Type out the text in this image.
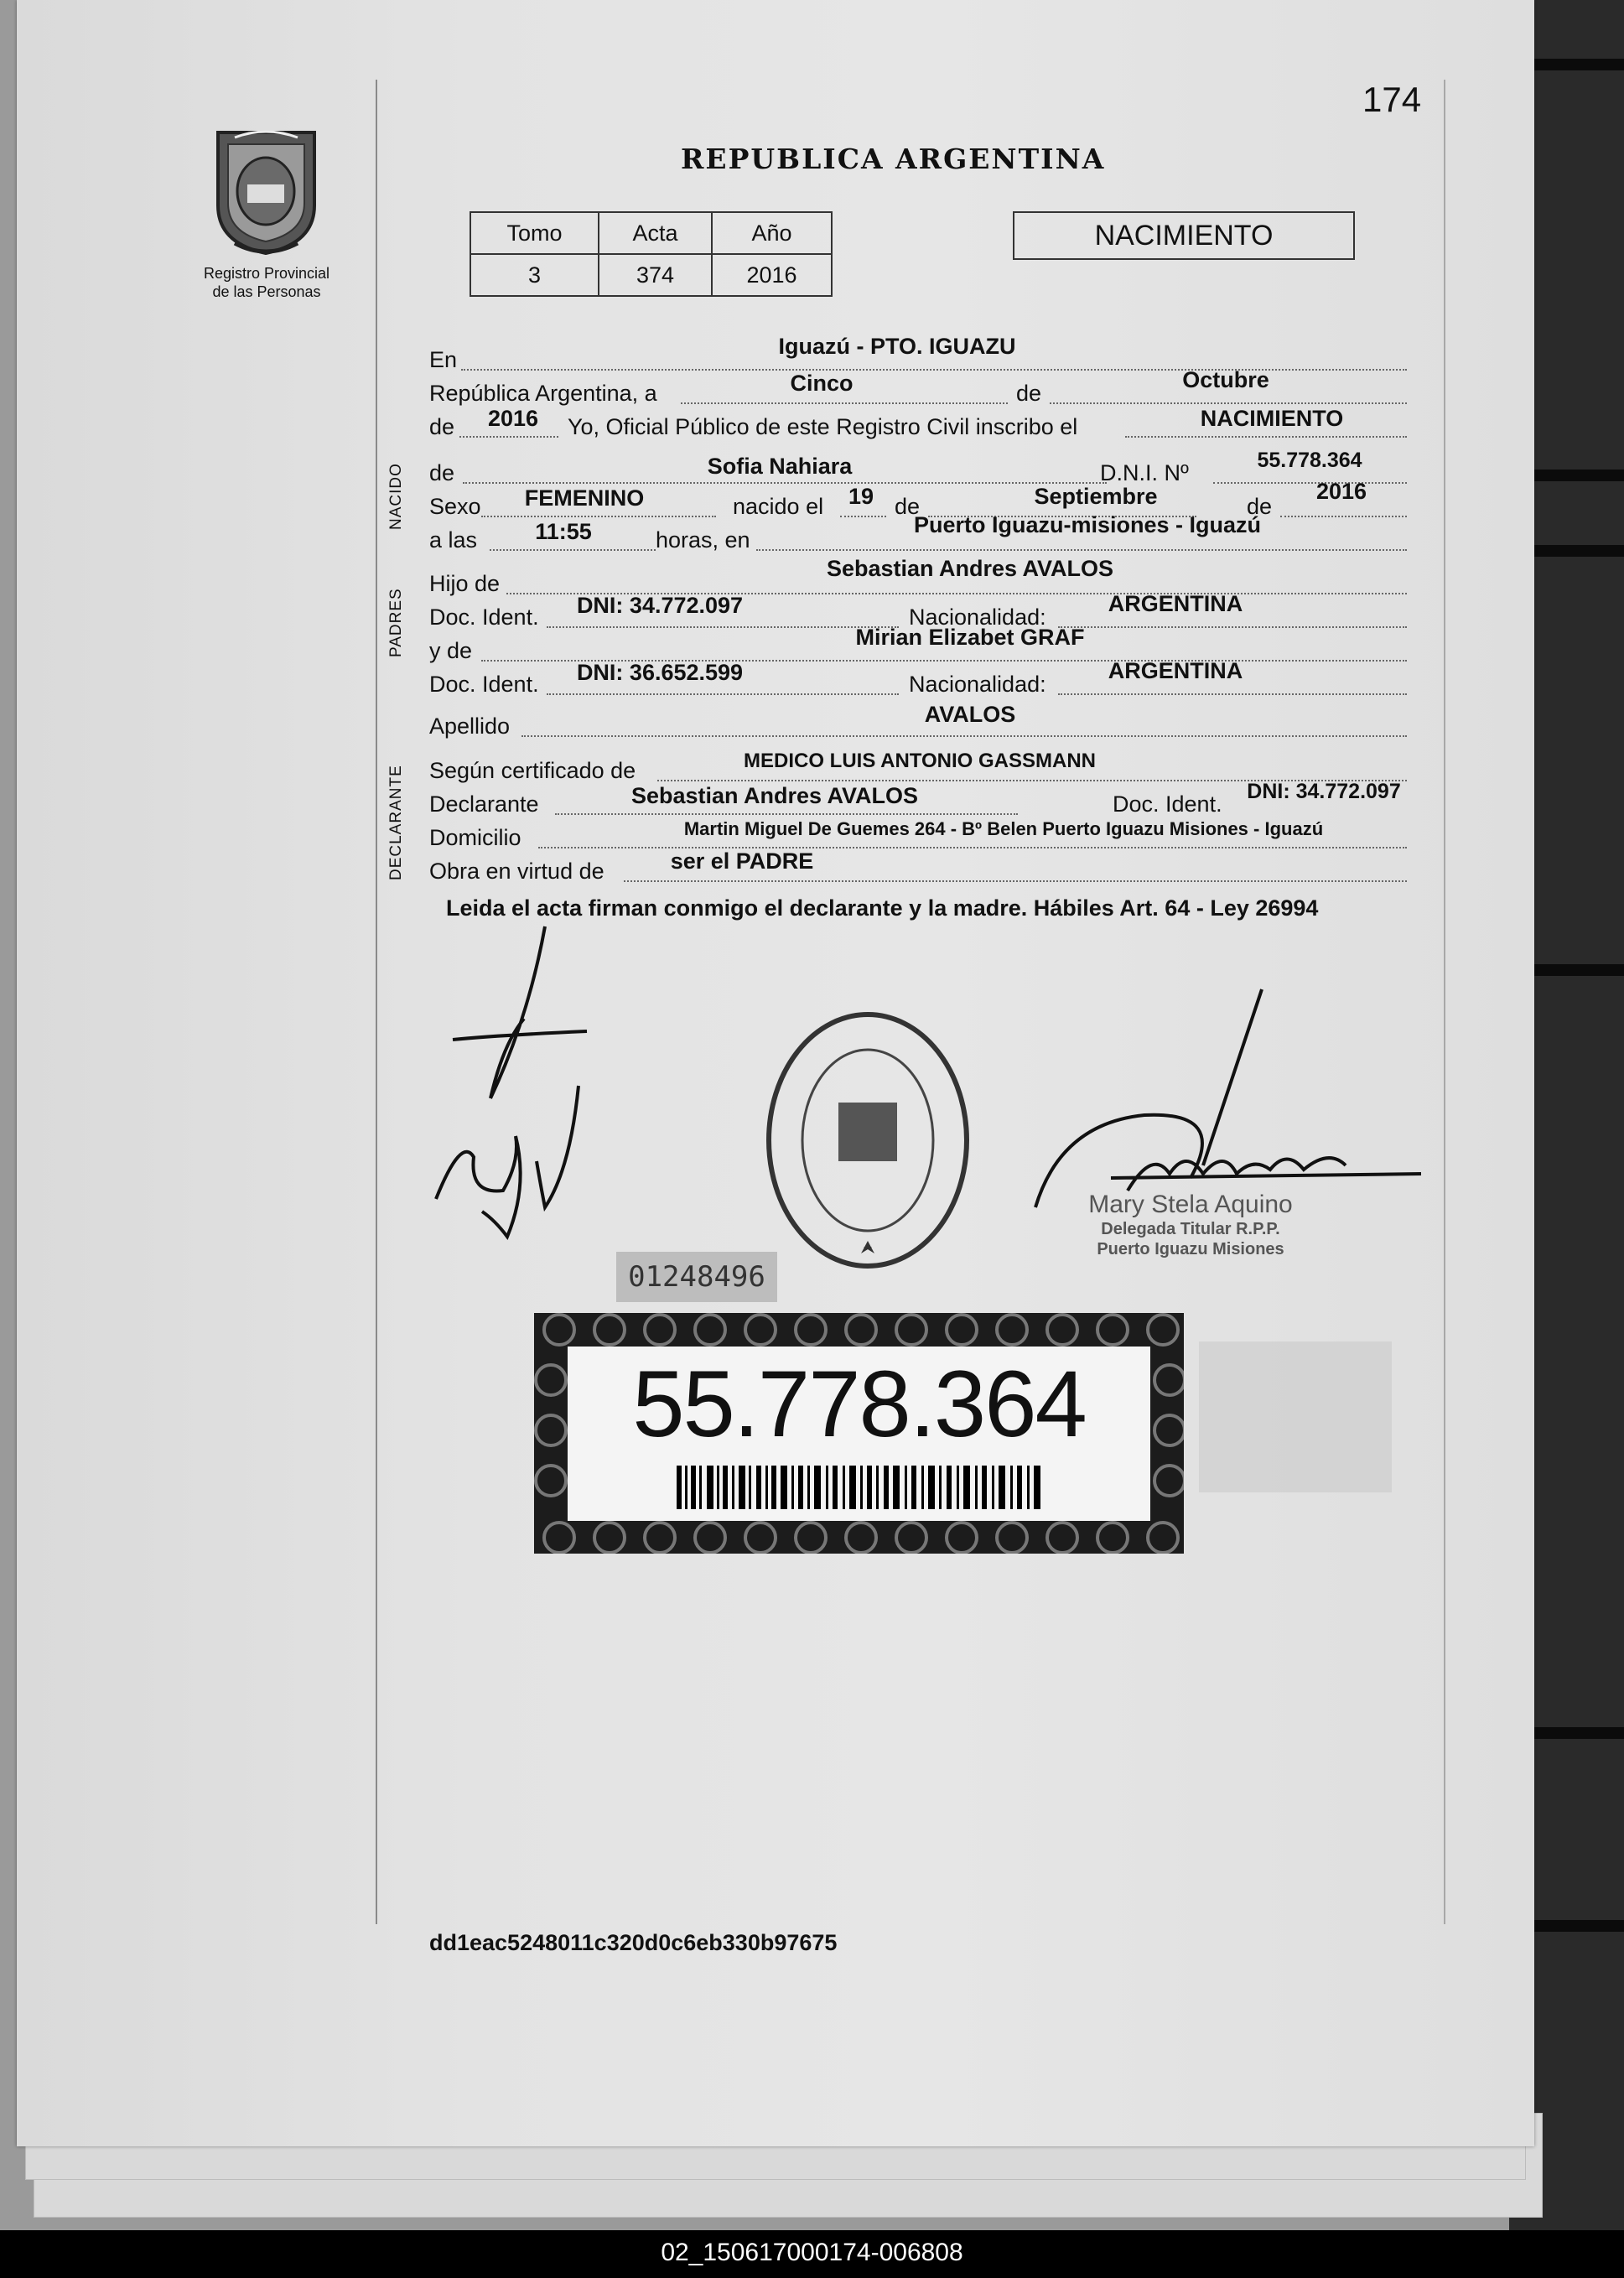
174
Registro Provincial
de las Personas
REPUBLICA ARGENTINA
Tomo	Acta	Año
3	374	2016
NACIMIENTO
NACIDO
PADRES
DECLARANTE
En
Iguazú - PTO. IGUAZU
República Argentina, a	Cinco	de
Octubre
de 2016 Yo, Oficial Público de este Registro Civil inscribo el	NACIMIENTO
de	Sofia Nahiara	D.N.I. Nº	55.778.364
Sexo FEMENINO	nacido el 19 de	Septiembre	de
2016
a las	11:55	horas, en
Puerto Iguazu-misiones - Iguazú
Hijo de
Sebastian Andres AVALOS
Doc. Ident. DNI: 34.772.097	Nacionalidad:
ARGENTINA
y de
Mirian Elizabet GRAF
Doc. Ident. DNI: 36.652.599	Nacionalidad:
ARGENTINA
Apellido	AVALOS
Según certificado de	MEDICO LUIS ANTONIO GASSMANN
Declarante	Sebastian Andres AVALOS	Doc. Ident. DNI: 34.772.097
Domicilio	Martin Miguel De Guemes 264 - Bº Belen Puerto Iguazu Misiones - Iguazú
Obra en virtud de	ser el PADRE
Leida el acta firman conmigo el declarante y la madre. Hábiles Art. 64 - Ley 26994
Mary Stela Aquino
Delegada Titular R.P.P.
Puerto Iguazu Misiones
01248496

55.778.364
dd1eac5248011c320d0c6eb330b97675
02_150617000174-006808
